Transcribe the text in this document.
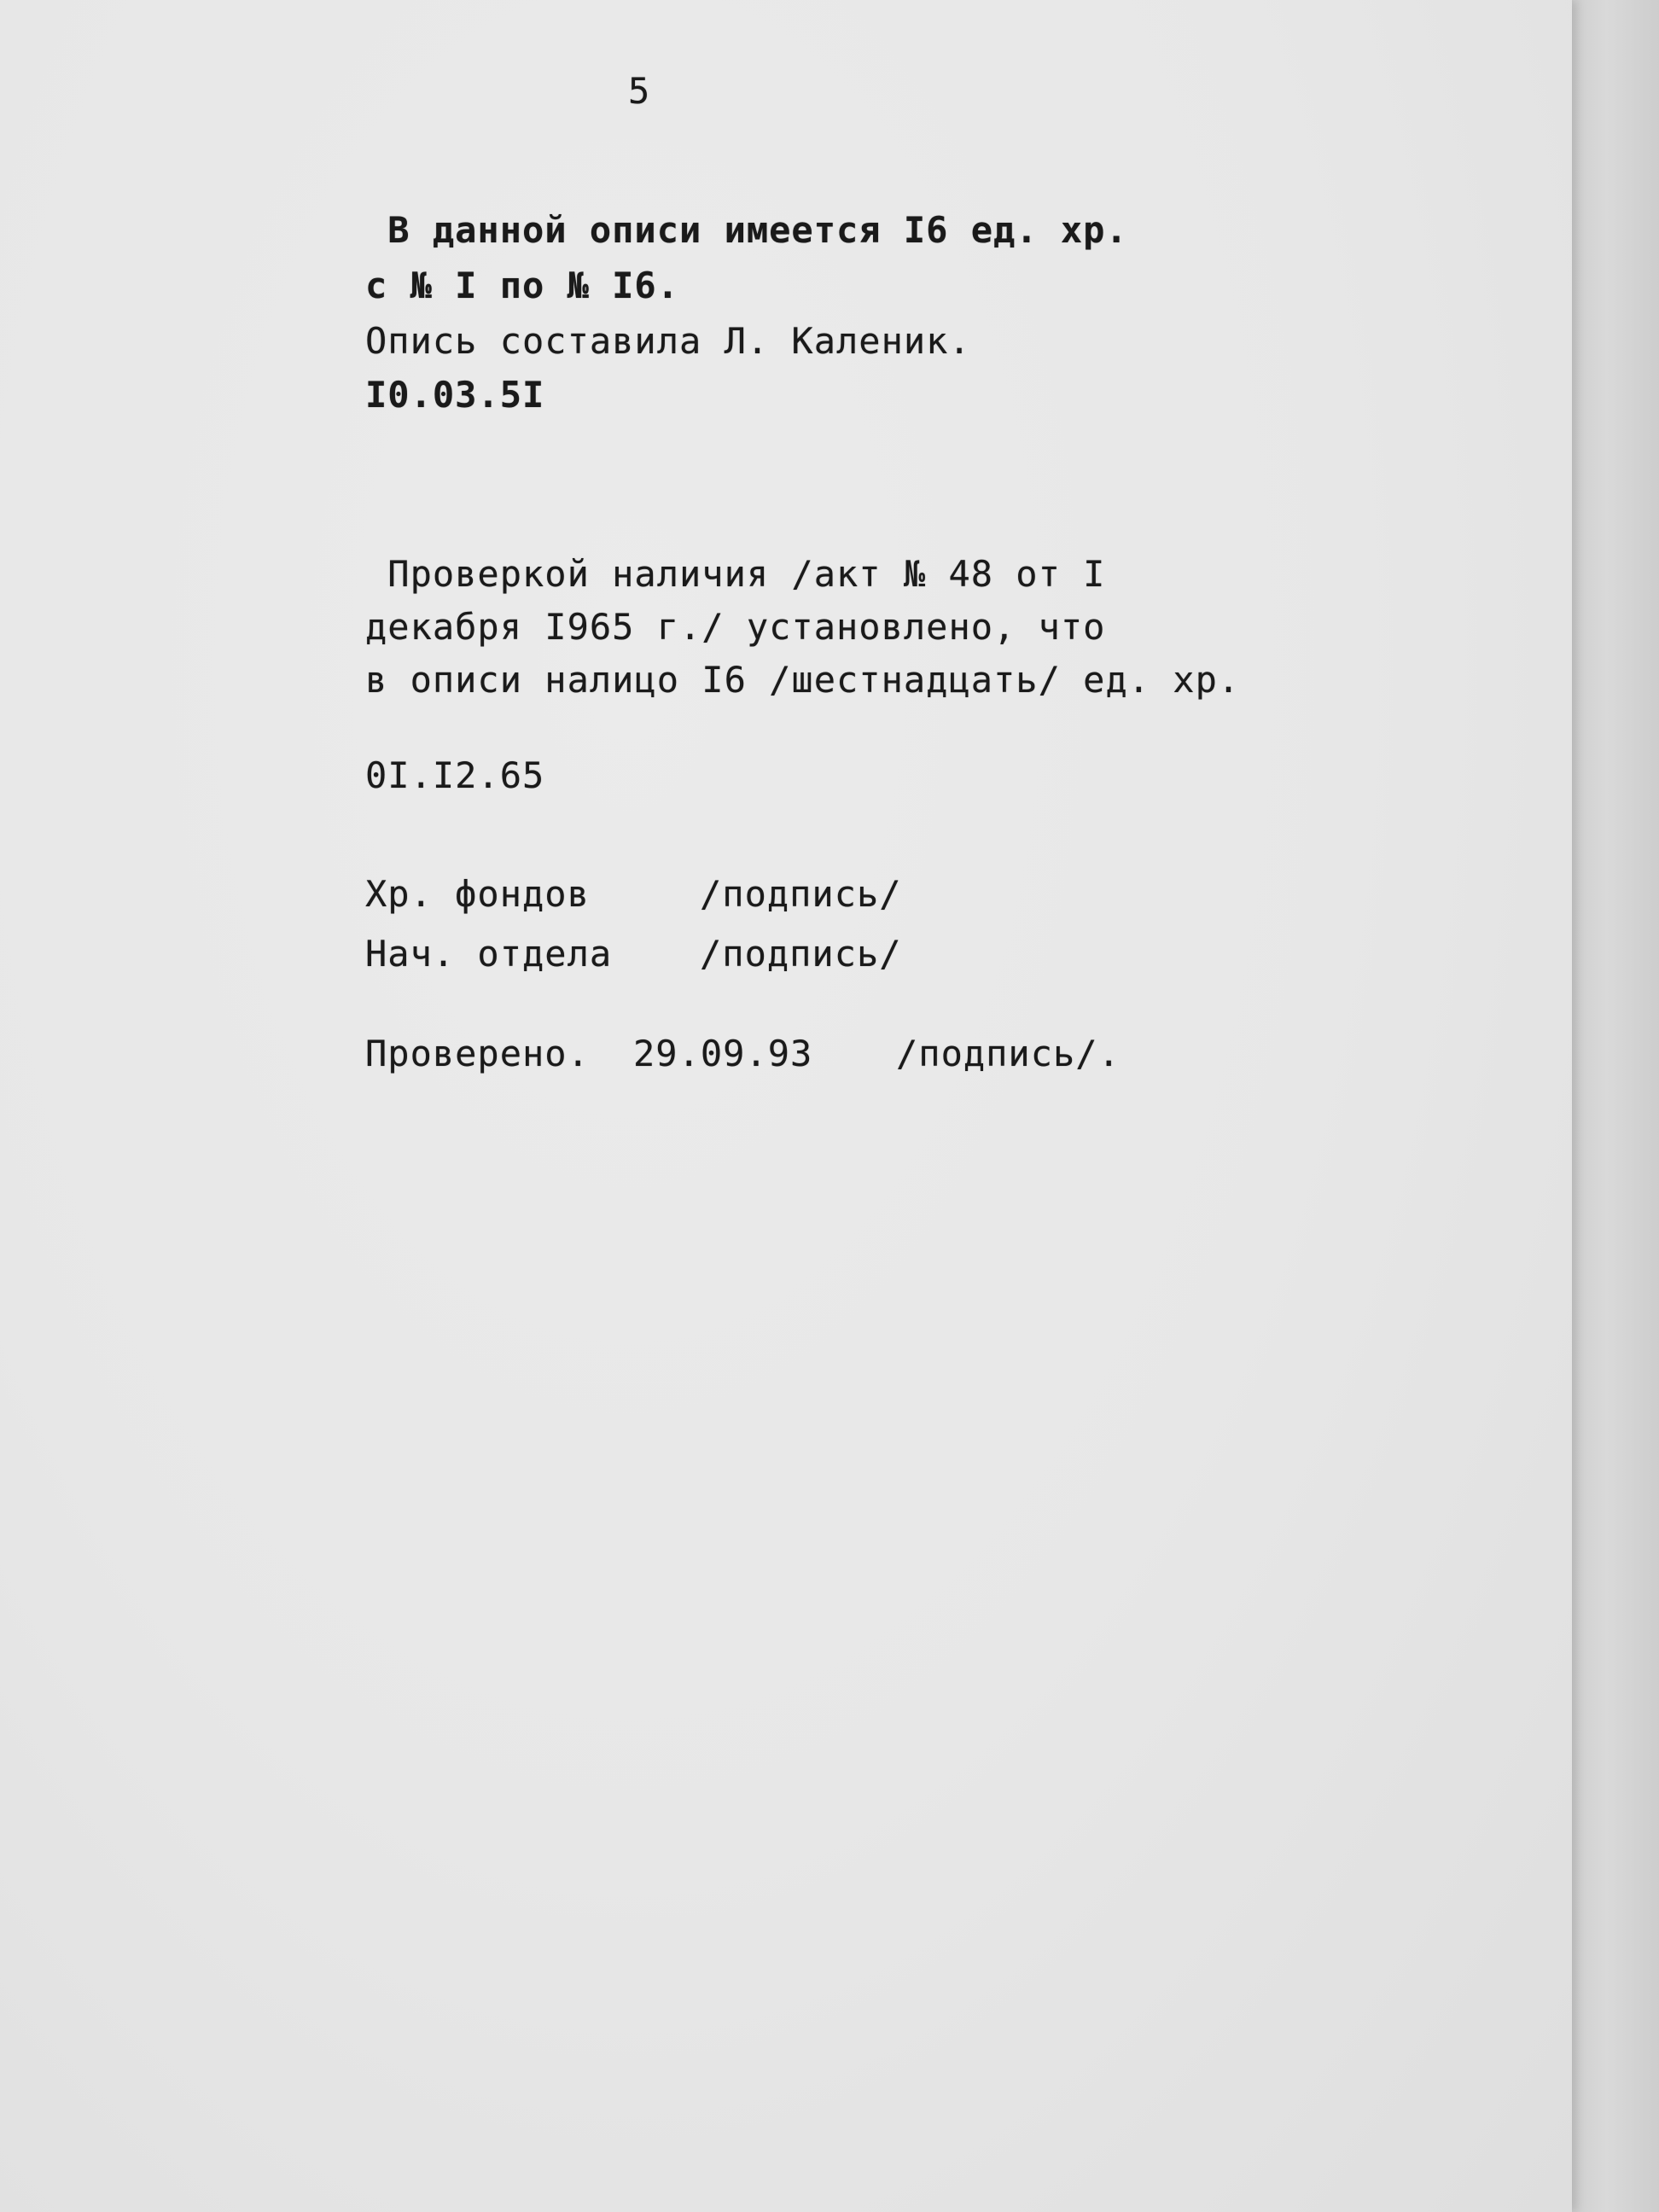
5
В данной описи имеется I6 ед. хр.
с № I по № I6.
Опись составила Л. Каленик.
I0.03.5I
Проверкой наличия /акт № 48 от I
декабря I965 г./ установлено, что
в описи налицо I6 /шестнадцать/ ед. хр.
0I.I2.65
Хр. фондов	/подпись/
Нач. отдела /подпись/
Проверено. 29.09.93 /подпись/.
